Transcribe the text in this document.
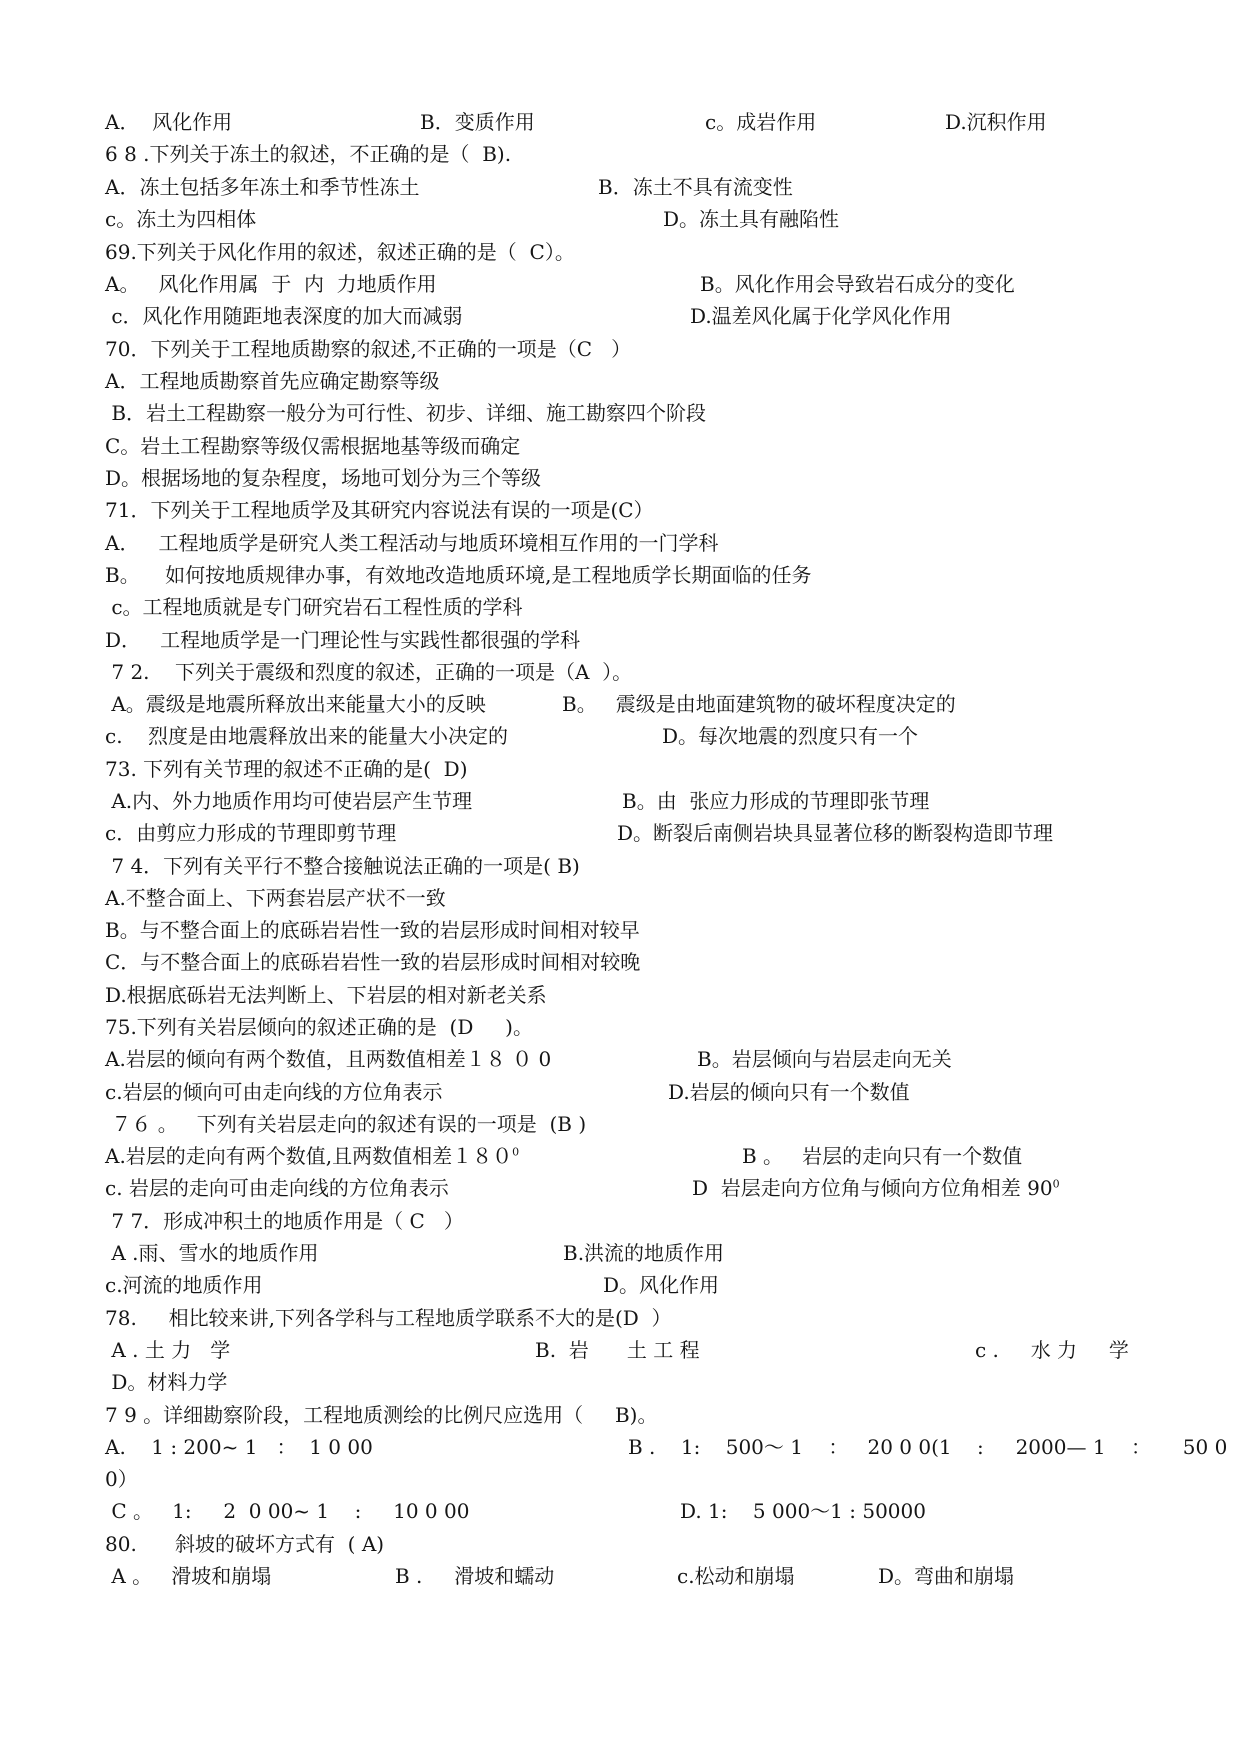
A．  风化作用	B．变质作用	c。成岩作用	D.沉积作用
6 8 .下列关于冻土的叙述，不正确的是（  B).
A．冻土包括多年冻土和季节性冻土	B．冻土不具有流变性
c。冻土为四相体	D。冻土具有融陷性
69.下列关于风化作用的叙述，叙述正确的是（  C）。
A。   风化作用属  于  内  力地质作用	B。风化作用会导致岩石成分的变化
c．风化作用随距地表深度的加大而减弱	D.温差风化属于化学风化作用
70．下列关于工程地质勘察的叙述,不正确的一项是（C   ）
A．工程地质勘察首先应确定勘察等级
B．岩土工程勘察一般分为可行性、初步、详细、施工勘察四个阶段
C。岩土工程勘察等级仅需根据地基等级而确定
D。根据场地的复杂程度，场地可划分为三个等级
71．下列关于工程地质学及其研究内容说法有误的一项是(C）
A．   工程地质学是研究人类工程活动与地质环境相互作用的一门学科
B。    如何按地质规律办事，有效地改造地质环境,是工程地质学长期面临的任务
c。工程地质就是专门研究岩石工程性质的学科
D．   工程地质学是一门理论性与实践性都很强的学科
7 2.    下列关于震级和烈度的叙述，正确的一项是（A  ）。
A。震级是地震所释放出来能量大小的反映	B。   震级是由地面建筑物的破坏程度决定的
c.    烈度是由地震释放出来的能量大小决定的	D。每次地震的烈度只有一个
73. 下列有关节理的叙述不正确的是(  D)
A.内、外力地质作用均可使岩层产生节理	B。由  张应力形成的节理即张节理
c．由剪应力形成的节理即剪节理	D。断裂后南侧岩块具显著位移的断裂构造即节理
7 4．下列有关平行不整合接触说法正确的一项是( B)
A.不整合面上、下两套岩层产状不一致
B。与不整合面上的底砾岩岩性一致的岩层形成时间相对较早
C．与不整合面上的底砾岩岩性一致的岩层形成时间相对较晚
D.根据底砾岩无法判断上、下岩层的相对新老关系
75.下列有关岩层倾向的叙述正确的是  (D     )。
A.岩层的倾向有两个数值，且两数值相差１８ ０ 0	B。岩层倾向与岩层走向无关
c.岩层的倾向可由走向线的方位角表示	D.岩层的倾向只有一个数值
７６ 。   下列有关岩层走向的叙述有误的一项是  (B )
A.岩层的走向有两个数值,且两数值相差$180^0$	B 。   岩层的走向只有一个数值
c. 岩层的走向可由走向线的方位角表示	D  岩层走向方位角与倾向方位角相差 $90^0$
7 7．形成冲积土的地质作用是（ C   ）
A .雨、雪水的地质作用	B.洪流的地质作用
c.河流的地质作用	D。风化作用
78.     相比较来讲,下列各学科与工程地质学联系不大的是(D  ）
A . 土 力   学	B.  岩      土 工 程	c .     水 力     学
D。材料力学
7 9 。详细勘察阶段，工程地质测绘的比例尺应选用（     B)。
A.    1 : 200~ 1   ：  1 0 00	B .    1:    500～ 1    ：   20 0 0(1    :     2000— 1    ：     50 0
0）
C 。   1:     2  0 00~ 1    :     10 0 00	D. 1:    5 000～1 : 50000
80.      斜坡的破坏方式有  ( A)
A 。   滑坡和崩塌	B .     滑坡和蠕动	c.松动和崩塌	D。弯曲和崩塌
